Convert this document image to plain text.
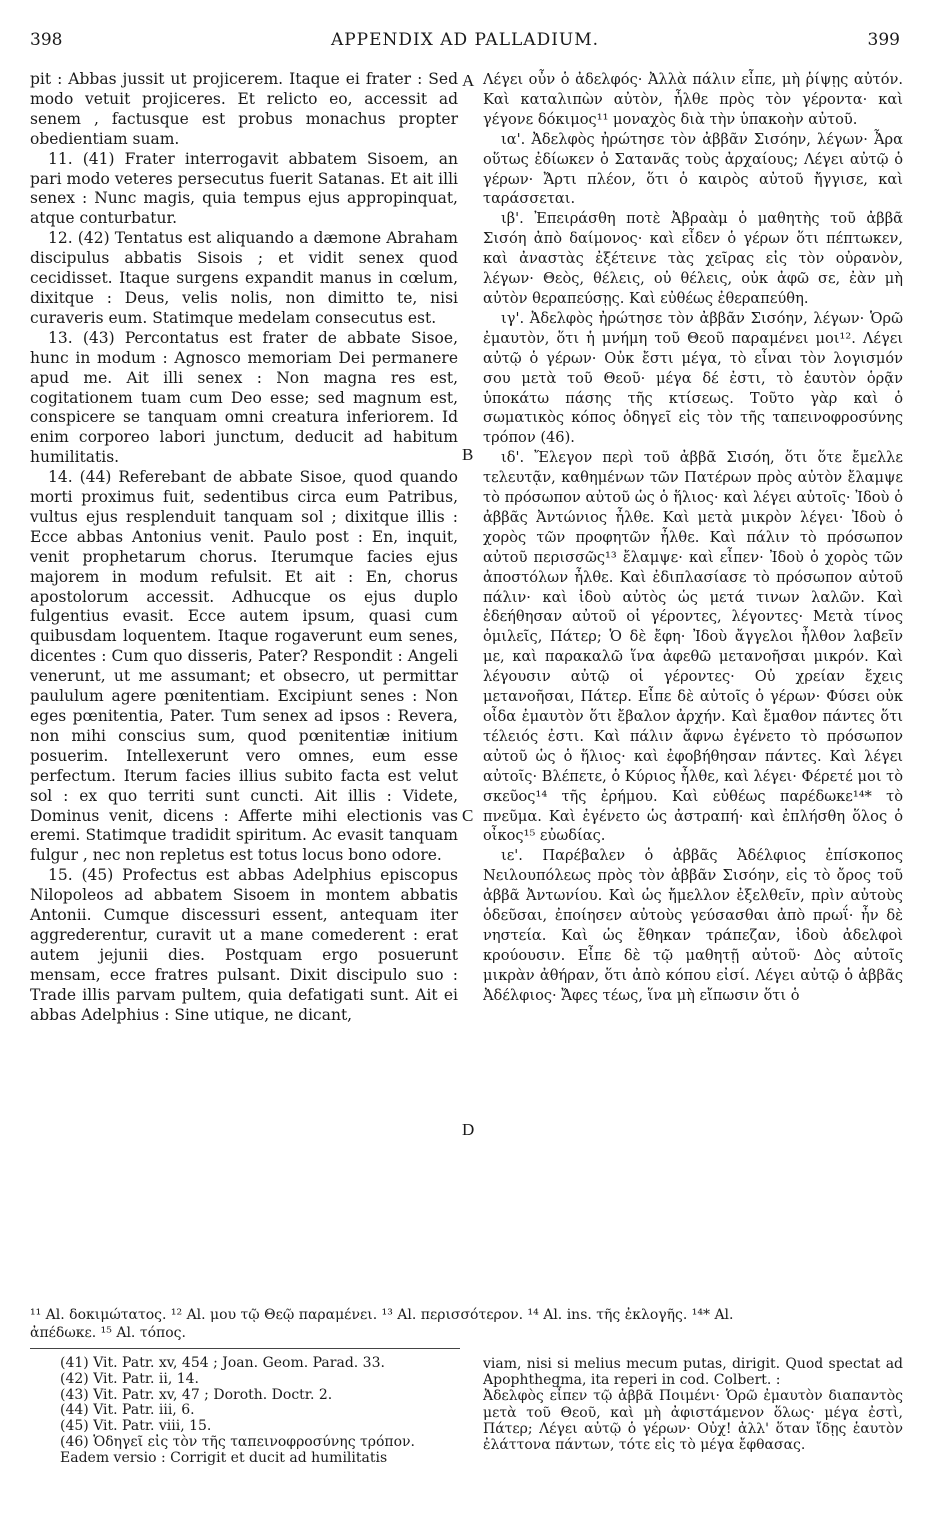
398	APPENDIX AD PALLADIUM.	399

pit : Abbas jussit ut projicerem. Itaque ei frater : Sed modo vetuit projiceres. Et relicto eo, accessit ad senem , factusque est probus monachus propter obedientiam suam.

11. (41) Frater interrogavit abbatem Sisoem, an pari modo veteres persecutus fuerit Satanas. Et ait illi senex : Nunc magis, quia tempus ejus appropinquat, atque conturbatur.

12. (42) Tentatus est aliquando a dæmone Abraham discipulus abbatis Sisois ; et vidit senex quod cecidisset. Itaque surgens expandit manus in cœlum, dixitque : Deus, velis nolis, non dimitto te, nisi curaveris eum. Statimque medelam consecutus est.

13. (43) Percontatus est frater de abbate Sisoe, hunc in modum : Agnosco memoriam Dei permanere apud me. Ait illi senex : Non magna res est, cogitationem tuam cum Deo esse; sed magnum est, conspicere se tanquam omni creatura inferiorem. Id enim corporeo labori junctum, deducit ad habitum humilitatis.

14. (44) Referebant de abbate Sisoe, quod quando morti proximus fuit, sedentibus circa eum Patribus, vultus ejus resplenduit tanquam sol ; dixitque illis : Ecce abbas Antonius venit. Paulo post : En, inquit, venit prophetarum chorus. Iterumque facies ejus majorem in modum refulsit. Et ait : En, chorus apostolorum accessit. Adhucque os ejus duplo fulgentius evasit. Ecce autem ipsum, quasi cum quibusdam loquentem. Itaque rogaverunt eum senes, dicentes : Cum quo disseris, Pater? Respondit : Angeli venerunt, ut me assumant; et obsecro, ut permittar paululum agere pœnitentiam. Excipiunt senes : Non eges pœnitentia, Pater. Tum senex ad ipsos : Revera, non mihi conscius sum, quod pœnitentiæ initium posuerim. Intellexerunt vero omnes, eum esse perfectum. Iterum facies illius subito facta est velut sol : ex quo territi sunt cuncti. Ait illis : Videte, Dominus venit, dicens : Afferte mihi electionis vas eremi. Statimque tradidit spiritum. Ac evasit tanquam fulgur , nec non repletus est totus locus bono odore.

15. (45) Profectus est abbas Adelphius episcopus Nilopoleos ad abbatem Sisoem in montem abbatis Antonii. Cumque discessuri essent, antequam iter aggrederentur, curavit ut a mane comederent : erat autem jejunii dies. Postquam ergo posuerunt mensam, ecce fratres pulsant. Dixit discipulo suo : Trade illis parvam pultem, quia defatigati sunt. Ait ei abbas Adelphius : Sine utique, ne dicant,

A
B
C
D

Λέγει οὖν ὁ ἀδελφός· Ἀλλὰ πάλιν εἶπε, μὴ ῥίψῃς αὐτόν. Καὶ καταλιπὼν αὐτὸν, ἦλθε πρὸς τὸν γέροντα· καὶ γέγονε δόκιμος¹¹ μοναχὸς διὰ τὴν ὑπακοὴν αὐτοῦ.

ια'. Ἀδελφὸς ἠρώτησε τὸν ἀββᾶν Σισόην, λέγων· Ἆρα οὕτως ἐδίωκεν ὁ Σατανᾶς τοὺς ἀρχαίους; Λέγει αὐτῷ ὁ γέρων· Ἄρτι πλέον, ὅτι ὁ καιρὸς αὐτοῦ ἤγγισε, καὶ ταράσσεται.

ιβ'. Ἐπειράσθη ποτὲ Ἀβραὰμ ὁ μαθητὴς τοῦ ἀββᾶ Σισόη ἀπὸ δαίμονος· καὶ εἶδεν ὁ γέρων ὅτι πέπτωκεν, καὶ ἀναστὰς ἐξέτεινε τὰς χεῖρας εἰς τὸν οὐρανὸν, λέγων· Θεὸς, θέλεις, οὐ θέλεις, οὐκ ἀφῶ σε, ἐὰν μὴ αὐτὸν θεραπεύσῃς. Καὶ εὐθέως ἐθεραπεύθη.

ιγ'. Ἀδελφὸς ἠρώτησε τὸν ἀββᾶν Σισόην, λέγων· Ὁρῶ ἐμαυτὸν, ὅτι ἡ μνήμη τοῦ Θεοῦ παραμένει μοι¹². Λέγει αὐτῷ ὁ γέρων· Οὐκ ἔστι μέγα, τὸ εἶναι τὸν λογισμόν σου μετὰ τοῦ Θεοῦ· μέγα δέ ἐστι, τὸ ἑαυτὸν ὁρᾷν ὑποκάτω πάσης τῆς κτίσεως. Τοῦτο γὰρ καὶ ὁ σωματικὸς κόπος ὁδηγεῖ εἰς τὸν τῆς ταπεινοφροσύνης τρόπον (46).

ιδ'. Ἔλεγον περὶ τοῦ ἀββᾶ Σισόη, ὅτι ὅτε ἔμελλε τελευτᾷν, καθημένων τῶν Πατέρων πρὸς αὐτὸν ἔλαμψε τὸ πρόσωπον αὐτοῦ ὡς ὁ ἥλιος· καὶ λέγει αὐτοῖς· Ἰδοὺ ὁ ἀββᾶς Ἀντώνιος ἦλθε. Καὶ μετὰ μικρὸν λέγει· Ἰδοὺ ὁ χορὸς τῶν προφητῶν ἦλθε. Καὶ πάλιν τὸ πρόσωπον αὐτοῦ περισσῶς¹³ ἔλαμψε· καὶ εἶπεν· Ἰδοὺ ὁ χορὸς τῶν ἀποστόλων ἦλθε. Καὶ ἐδιπλασίασε τὸ πρόσωπον αὐτοῦ πάλιν· καὶ ἰδοὺ αὐτὸς ὡς μετά τινων λαλῶν. Καὶ ἐδεήθησαν αὐτοῦ οἱ γέροντες, λέγοντες· Μετὰ τίνος ὁμιλεῖς, Πάτερ; Ὁ δὲ ἔφη· Ἰδοὺ ἄγγελοι ἦλθον λαβεῖν με, καὶ παρακαλῶ ἵνα ἀφεθῶ μετανοῆσαι μικρόν. Καὶ λέγουσιν αὐτῷ οἱ γέροντες· Οὐ χρείαν ἔχεις μετανοῆσαι, Πάτερ. Εἶπε δὲ αὐτοῖς ὁ γέρων· Φύσει οὐκ οἶδα ἐμαυτὸν ὅτι ἔβαλον ἀρχήν. Καὶ ἔμαθον πάντες ὅτι τέλειός ἐστι. Καὶ πάλιν ἄφνω ἐγένετο τὸ πρόσωπον αὐτοῦ ὡς ὁ ἥλιος· καὶ ἐφοβήθησαν πάντες. Καὶ λέγει αὐτοῖς· Βλέπετε, ὁ Κύριος ἦλθε, καὶ λέγει· Φέρετέ μοι τὸ σκεῦος¹⁴ τῆς ἐρήμου. Καὶ εὐθέως παρέδωκε¹⁴* τὸ πνεῦμα. Καὶ ἐγένετο ὡς ἀστραπή· καὶ ἐπλήσθη ὅλος ὁ οἶκος¹⁵ εὐωδίας.

ιε'. Παρέβαλεν ὁ ἀββᾶς Ἀδέλφιος ἐπίσκοπος Νειλουπόλεως πρὸς τὸν ἀββᾶν Σισόην, εἰς τὸ ὄρος τοῦ ἀββᾶ Ἀντωνίου. Καὶ ὡς ἤμελλον ἐξελθεῖν, πρὶν αὐτοὺς ὁδεῦσαι, ἐποίησεν αὐτοὺς γεύσασθαι ἀπὸ πρωΐ· ἦν δὲ νηστεία. Καὶ ὡς ἔθηκαν τράπεζαν, ἰδοὺ ἀδελφοὶ κρούουσιν. Εἶπε δὲ τῷ μαθητῇ αὐτοῦ· Δὸς αὐτοῖς μικρὰν ἀθήραν, ὅτι ἀπὸ κόπου εἰσί. Λέγει αὐτῷ ὁ ἀββᾶς Ἀδέλφιος· Ἄφες τέως, ἵνα μὴ εἴπωσιν ὅτι ὁ

¹¹ Al. δοκιμώτατος. ¹² Al. μου τῷ Θεῷ παραμένει. ¹³ Al. περισσότερον. ¹⁴ Al. ins. τῆς ἐκλογῆς. ¹⁴* Al.

ἀπέδωκε. ¹⁵ Al. τόπος.

(41) Vit. Patr. xv, 454 ; Joan. Geom. Parad. 33.

(42) Vit. Patr. ii, 14.

(43) Vit. Patr. xv, 47 ; Doroth. Doctr. 2.

(44) Vit. Patr. iii, 6.

(45) Vit. Patr. viii, 15.

(46) Ὁδηγεῖ εἰς τὸν τῆς ταπεινοφροσύνης τρόπον. Eadem versio : Corrigit et ducit ad humilitatis

viam, nisi si melius mecum putas, dirigit. Quod spectat ad Apophthegma, ita reperi in cod. Colbert. :

Ἀδελφὸς εἶπεν τῷ ἀββᾶ Ποιμένι· Ὁρῶ ἐμαυτὸν διαπαντὸς μετὰ τοῦ Θεοῦ, καὶ μὴ ἀφιστάμενον ὅλως· μέγα ἐστὶ, Πάτερ; Λέγει αὐτῷ ὁ γέρων· Οὐχ! ἀλλ' ὅταν ἴδῃς ἑαυτὸν ἐλάττονα πάντων, τότε εἰς τὸ μέγα ἔφθασας.
